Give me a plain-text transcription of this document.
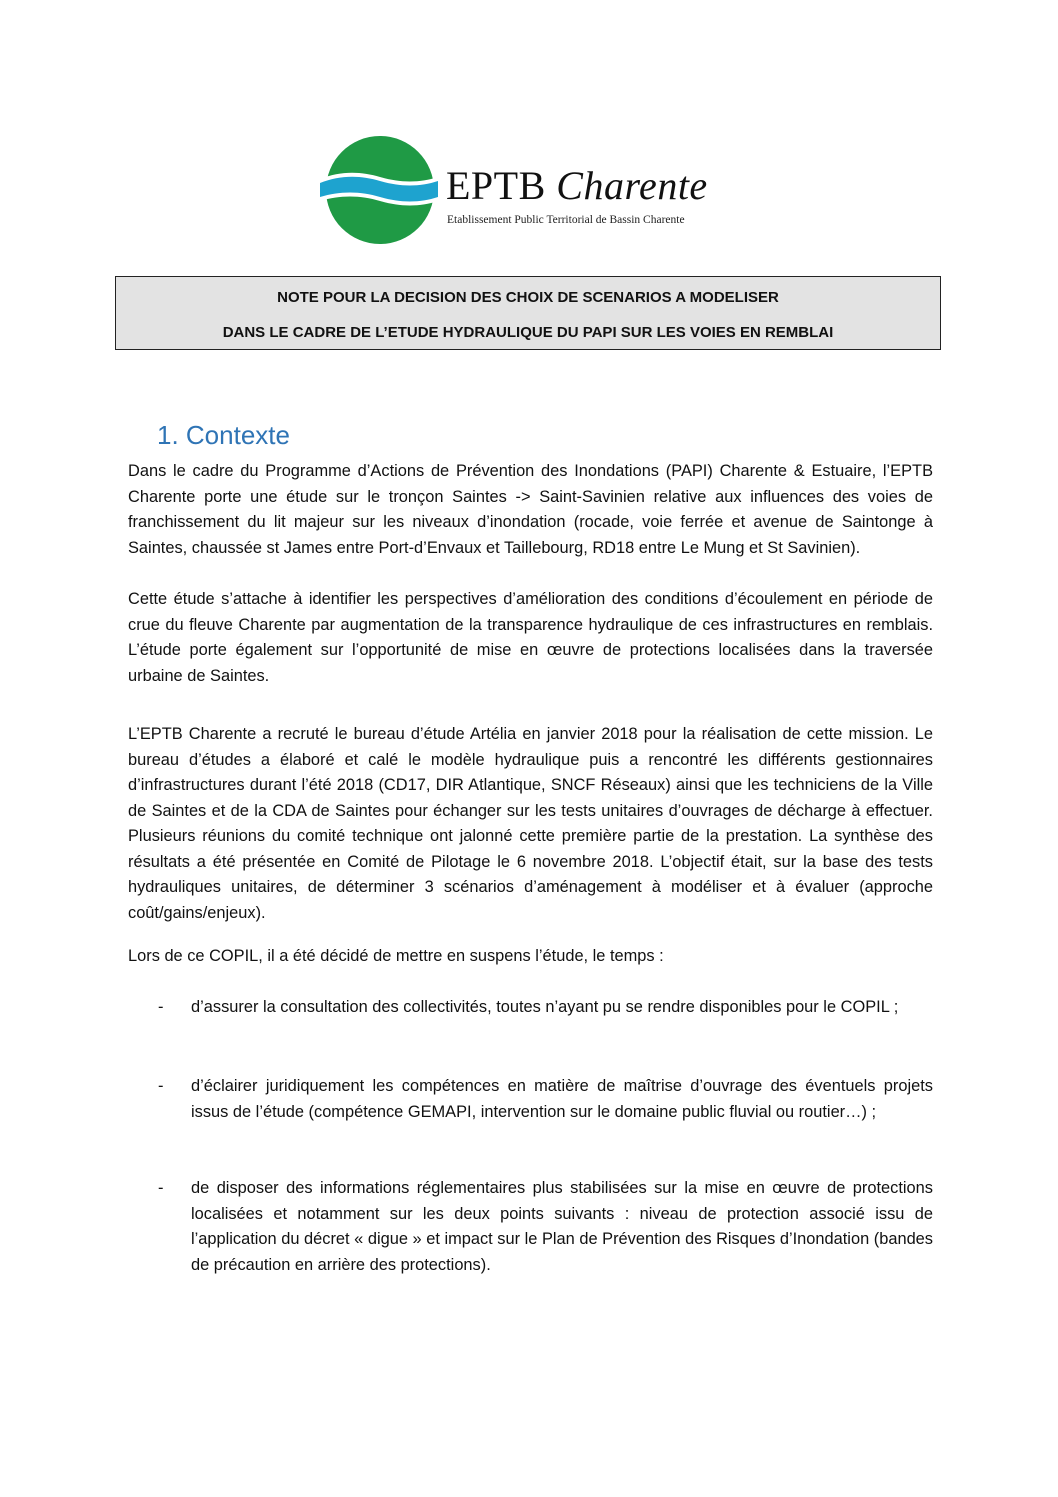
EPTB Charente
Etablissement Public Territorial de Bassin Charente
NOTE POUR LA DECISION DES CHOIX DE SCENARIOS A MODELISER
DANS LE CADRE DE L’ETUDE HYDRAULIQUE DU PAPI SUR LES VOIES EN REMBLAI
1. Contexte
Dans le cadre du Programme d’Actions de Prévention des Inondations (PAPI) Charente & Estuaire, l’EPTB Charente porte une étude sur le tronçon Saintes -> Saint-Savinien relative aux influences des voies de franchissement du lit majeur sur les niveaux d’inondation (rocade, voie ferrée et avenue de Saintonge à Saintes, chaussée st James entre Port-d’Envaux et Taillebourg, RD18 entre Le Mung et St Savinien).
Cette étude s’attache à identifier les perspectives d’amélioration des conditions d’écoulement en période de crue du fleuve Charente par augmentation de la transparence hydraulique de ces infrastructures en remblais. L’étude porte également sur l’opportunité de mise en œuvre de protections localisées dans la traversée urbaine de Saintes.
L’EPTB Charente a recruté le bureau d’étude Artélia en janvier 2018 pour la réalisation de cette mission. Le bureau d’études a élaboré et calé le modèle hydraulique puis a rencontré les différents gestionnaires d’infrastructures durant l’été 2018 (CD17, DIR Atlantique, SNCF Réseaux) ainsi que les techniciens de la Ville de Saintes et de la CDA de Saintes pour échanger sur les tests unitaires d’ouvrages de décharge à effectuer. Plusieurs réunions du comité technique ont jalonné cette première partie de la prestation. La synthèse des résultats a été présentée en Comité de Pilotage le 6 novembre 2018. L’objectif était, sur la base des tests hydrauliques unitaires, de déterminer 3 scénarios d’aménagement à modéliser et à évaluer (approche coût/gains/enjeux).
Lors de ce COPIL, il a été décidé de mettre en suspens l’étude, le temps :
- d’assurer la consultation des collectivités, toutes n’ayant pu se rendre disponibles pour le COPIL ;
- d’éclairer juridiquement les compétences en matière de maîtrise d’ouvrage des éventuels projets issus de l’étude (compétence GEMAPI, intervention sur le domaine public fluvial ou routier…) ;
- de disposer des informations réglementaires plus stabilisées sur la mise en œuvre de protections localisées et notamment sur les deux points suivants : niveau de protection associé issu de l’application du décret « digue » et impact sur le Plan de Prévention des Risques d’Inondation (bandes de précaution en arrière des protections).
